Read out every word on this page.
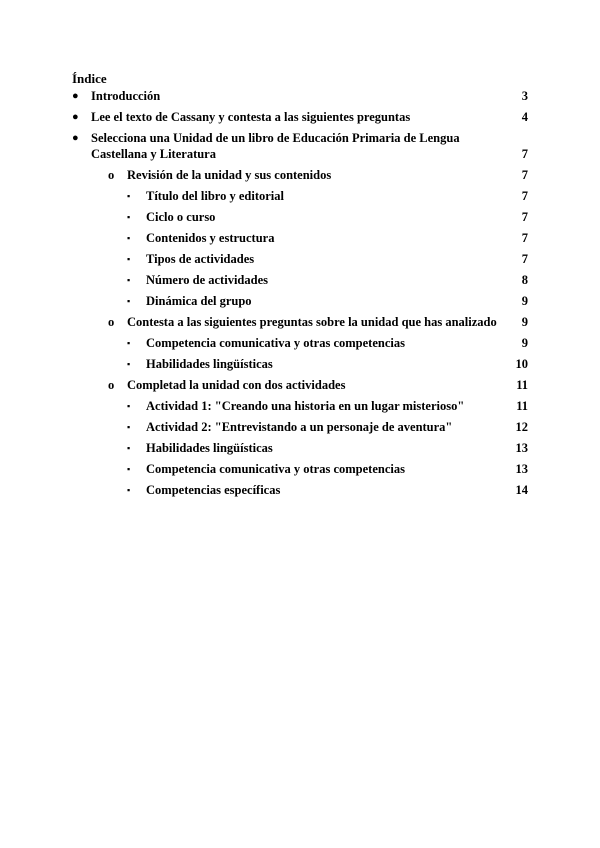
Índice
● Introducción	3
● Lee el texto de Cassany y contesta a las siguientes preguntas	4
● Selecciona una Unidad de un libro de Educación Primaria de Lengua Castellana y Literatura	7
o Revisión de la unidad y sus contenidos	7
▪ Título del libro y editorial	7
▪ Ciclo o curso	7
▪ Contenidos y estructura	7
▪ Tipos de actividades	7
▪ Número de actividades	8
▪ Dinámica del grupo	9
o Contesta a las siguientes preguntas sobre la unidad que has analizado	9
▪ Competencia comunicativa y otras competencias	9
▪ Habilidades lingüísticas	10
o Completad la unidad con dos actividades	11
▪ Actividad 1: "Creando una historia en un lugar misterioso"	11
▪ Actividad 2: "Entrevistando a un personaje de aventura"	12
▪ Habilidades lingüísticas	13
▪ Competencia comunicativa y otras competencias	13
▪ Competencias específicas	14
